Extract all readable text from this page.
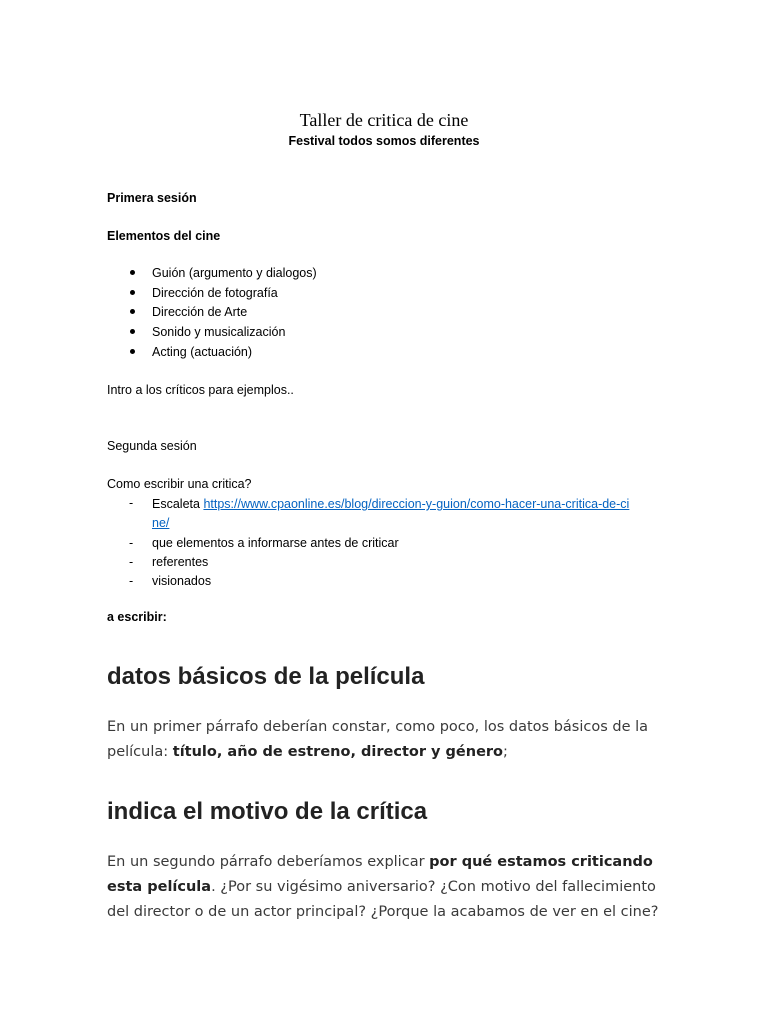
Taller de critica de cine
Festival todos somos diferentes
Primera sesión
Elementos del cine
Guión (argumento y dialogos)
Dirección de fotografía
Dirección de Arte
Sonido y musicalización
Acting (actuación)
Intro a los críticos para ejemplos..
Segunda sesión
Como escribir una critica?
- Escaleta https://www.cpaonline.es/blog/direccion-y-guion/como-hacer-una-critica-de-cine/
- que elementos a informarse antes de criticar
- referentes
- visionados
a escribir:
datos básicos de la película
En un primer párrafo deberían constar, como poco, los datos básicos de la película: título, año de estreno, director y género;
indica el motivo de la crítica
En un segundo párrafo deberíamos explicar por qué estamos criticando esta película. ¿Por su vigésimo aniversario? ¿Con motivo del fallecimiento del director o de un actor principal? ¿Porque la acabamos de ver en el cine?
